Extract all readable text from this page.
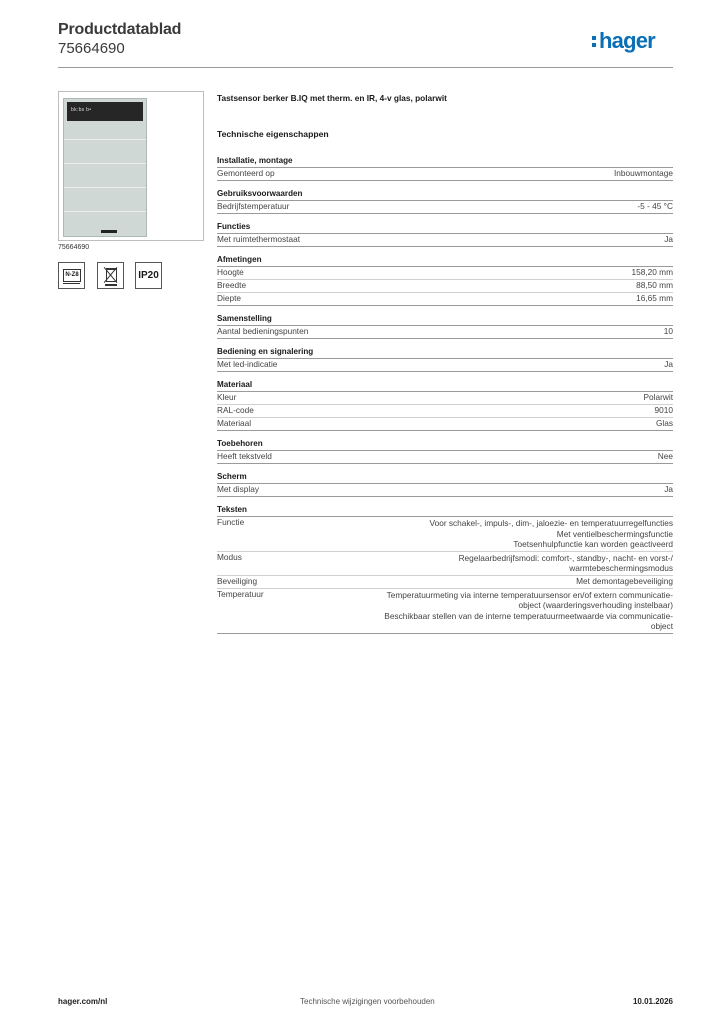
Productdatablad
75664690	hager
bk:bs b•
75664690
N-Z8	IP20
Tastsensor berker B.IQ met therm. en IR, 4-v glas, polarwit
Technische eigenschappen
Installatie, montage
Gemonteerd op	Inbouwmontage
Gebruiksvoorwaarden
Bedrijfstemperatuur	-5 - 45 °C
Functies
Met ruimtethermostaat	Ja
Afmetingen
Hoogte	158,20 mm
Breedte	88,50 mm
Diepte	16,65 mm
Samenstelling
Aantal bedieningspunten	10
Bediening en signalering
Met led-indicatie	Ja
Materiaal
Kleur	Polarwit
RAL-code	9010
Materiaal	Glas
Toebehoren
Heeft tekstveld	Nee
Scherm
Met display	Ja
Teksten
Functie	Voor schakel-, impuls-, dim-, jaloezie- en temperatuurregelfuncties
Met ventielbeschermingsfunctie
Toetsenhulpfunctie kan worden geactiveerd
Modus	Regelaarbedrijfsmodi: comfort-, standby-, nacht- en vorst-/
warmtebeschermingsmodus
Beveiliging	Met demontagebeveiliging
Temperatuur	Temperatuurmeting via interne temperatuursensor en/of extern communicatie-
object (waarderingsverhouding instelbaar)
Beschikbaar stellen van de interne temperatuurmeetwaarde via communicatie-
object
hager.com/nl	Technische wijzigingen voorbehouden	10.01.2026
